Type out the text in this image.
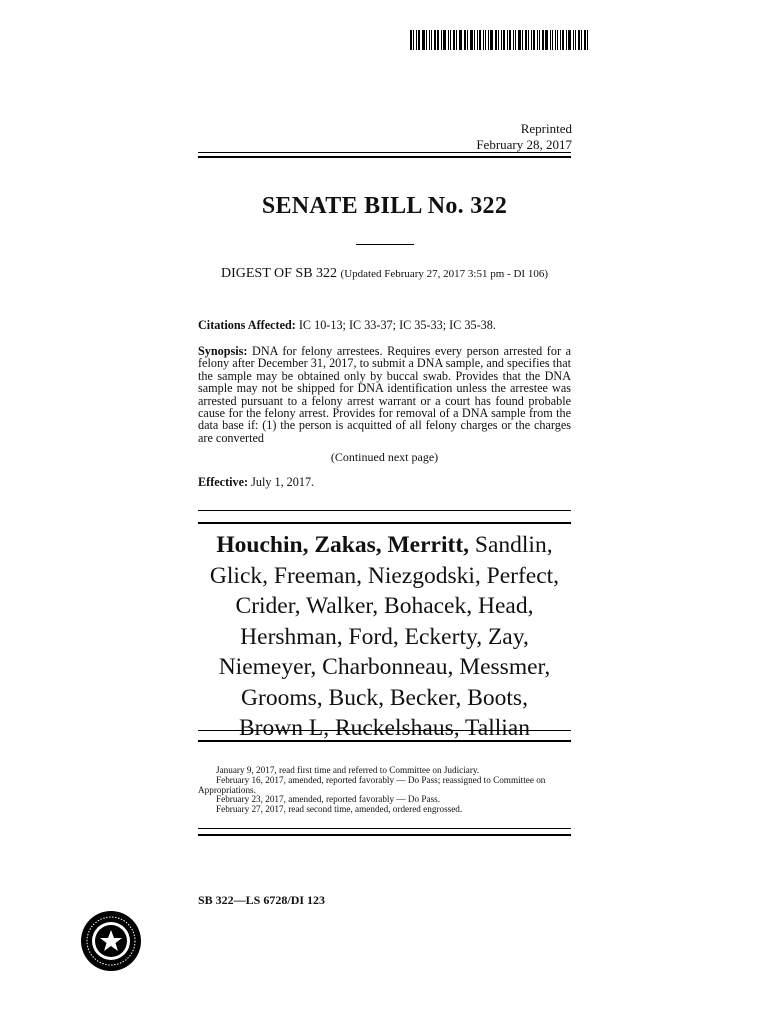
Reprinted
February 28, 2017
SENATE BILL No. 322
DIGEST OF SB 322 (Updated February 27, 2017 3:51 pm - DI 106)
Citations Affected: IC 10-13; IC 33-37; IC 35-33; IC 35-38.
Synopsis: DNA for felony arrestees. Requires every person arrested for a felony after December 31, 2017, to submit a DNA sample, and specifies that the sample may be obtained only by buccal swab. Provides that the DNA sample may not be shipped for DNA identification unless the arrestee was arrested pursuant to a felony arrest warrant or a court has found probable cause for the felony arrest. Provides for removal of a DNA sample from the data base if: (1) the person is acquitted of all felony charges or the charges are converted
(Continued next page)
Effective: July 1, 2017.
Houchin, Zakas, Merritt, Sandlin,
Glick, Freeman, Niezgodski, Perfect,
Crider, Walker, Bohacek, Head,
Hershman, Ford, Eckerty, Zay,
Niemeyer, Charbonneau, Messmer,
Grooms, Buck, Becker, Boots,
Brown L, Ruckelshaus, Tallian
January 9, 2017, read first time and referred to Committee on Judiciary.
February 16, 2017, amended, reported favorably — Do Pass; reassigned to Committee on
Appropriations.
February 23, 2017, amended, reported favorably — Do Pass.
February 27, 2017, read second time, amended, ordered engrossed.
SB 322—LS 6728/DI 123
